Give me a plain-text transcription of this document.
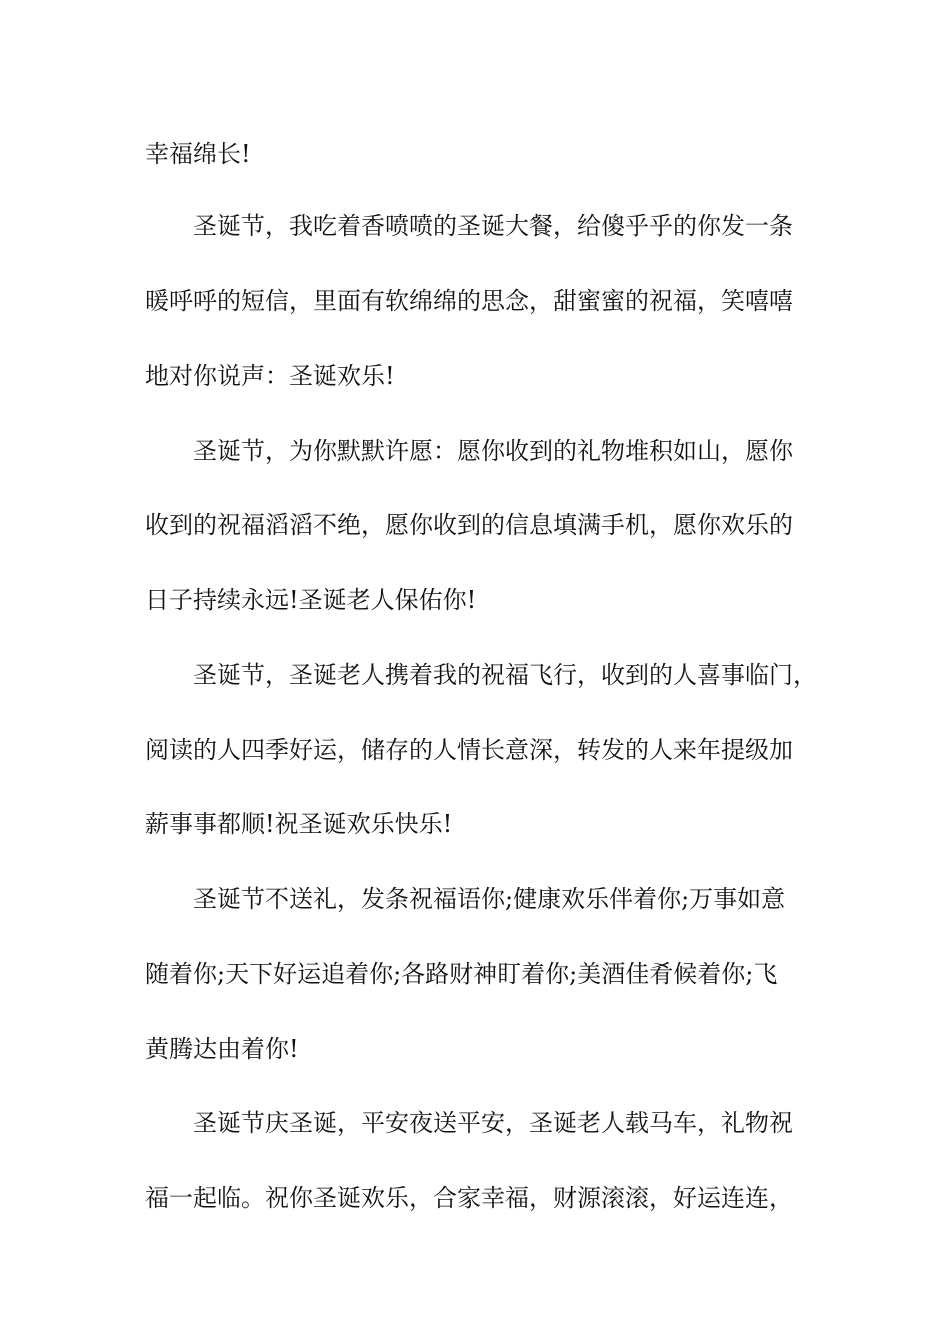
幸福绵长!

圣诞节，我吃着香喷喷的圣诞大餐，给傻乎乎的你发一条

暖呼呼的短信，里面有软绵绵的思念，甜蜜蜜的祝福，笑嘻嘻

地对你说声：圣诞欢乐!

圣诞节，为你默默许愿：愿你收到的礼物堆积如山，愿你

收到的祝福滔滔不绝，愿你收到的信息填满手机，愿你欢乐的

日子持续永远!圣诞老人保佑你!

圣诞节，圣诞老人携着我的祝福飞行，收到的人喜事临门，

阅读的人四季好运，储存的人情长意深，转发的人来年提级加

薪事事都顺!祝圣诞欢乐快乐!

圣诞节不送礼，发条祝福语你;健康欢乐伴着你;万事如意

随着你;天下好运追着你;各路财神盯着你;美酒佳肴候着你;飞

黄腾达由着你!

圣诞节庆圣诞，平安夜送平安，圣诞老人载马车，礼物祝

福一起临。祝你圣诞欢乐，合家幸福，财源滚滚，好运连连，
